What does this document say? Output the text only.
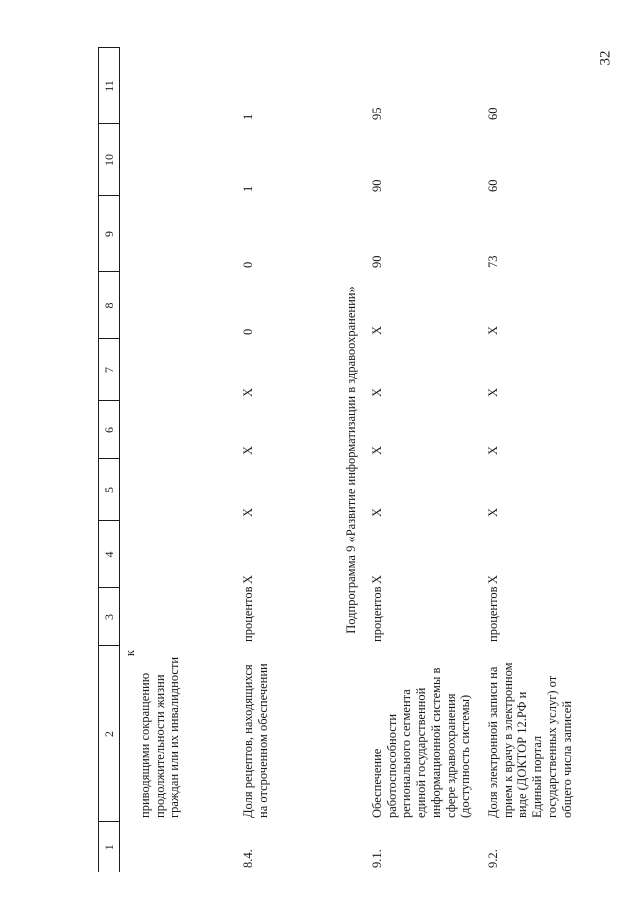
32
1	2	3	4	5	6	7	8	9	10	11

	к
приводящими сокращению продолжительности жизни граждан или их инвалидности									
8.4.	Доля рецептов, находящихся на отсроченном обеспечении	процентов	X	X	X	X	0	0	1	1
Подпрограмма 9 «Развитие информатизации в здравоохранении»										
9.1.	Обеспечение работоспособности регионального сегмента единой государственной информационной системы в сфере здравоохранения (доступность системы)	процентов	X	X	X	X	X	90	90	95
9.2.	Доля электронной записи на прием к врачу в электронном виде (ДОКТОР 12.РФ и Единый портал государственных услуг) от общего числа записей	процентов	X	X	X	X	X	73	60	60
